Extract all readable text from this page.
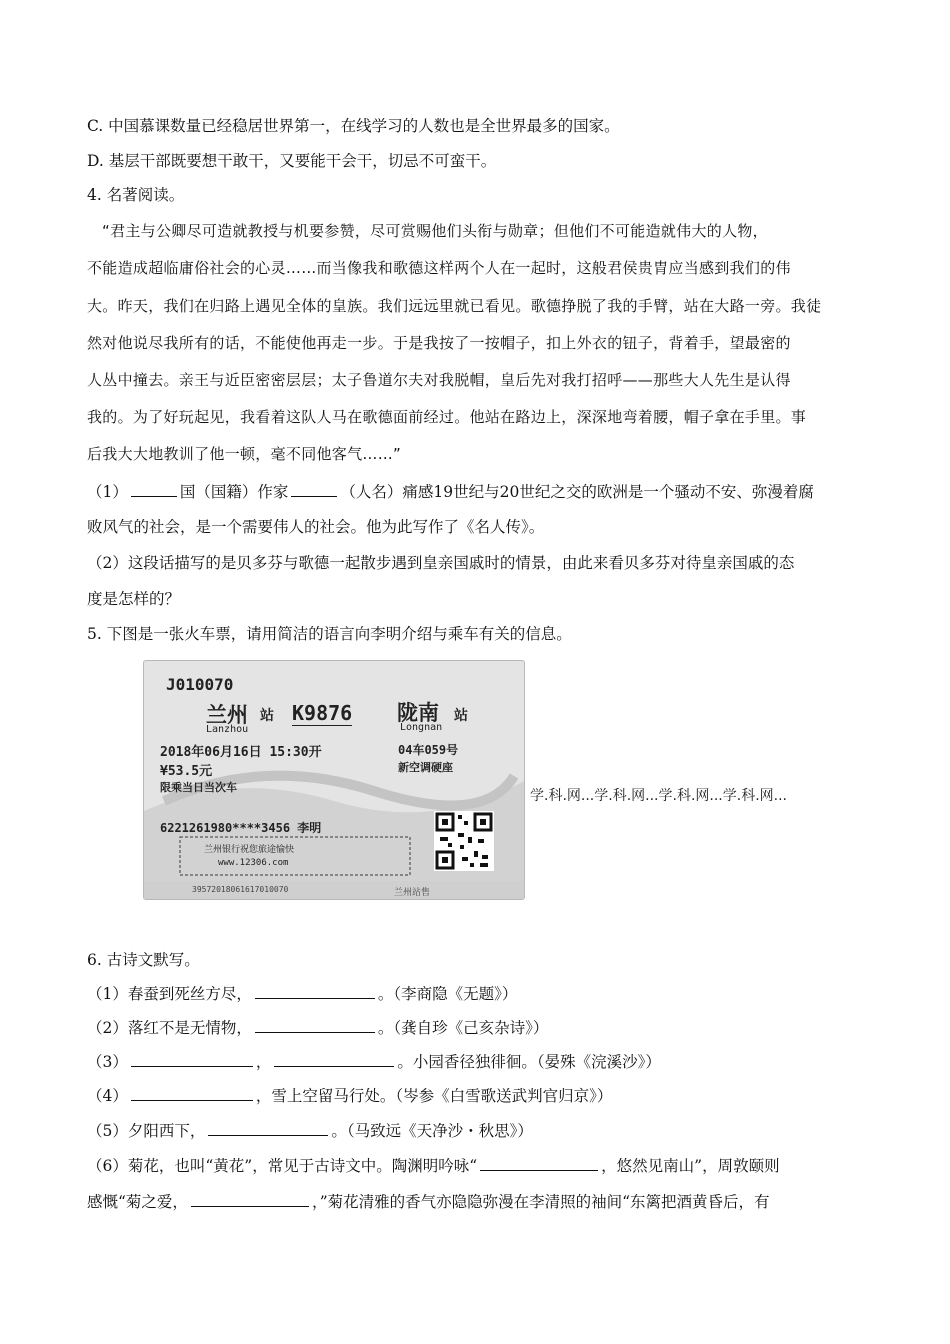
C. 中国慕课数量已经稳居世界第一，在线学习的人数也是全世界最多的国家。
D. 基层干部既要想干敢干，又要能干会干，切忌不可蛮干。
4. 名著阅读。
“君主与公卿尽可造就教授与机要参赞，尽可赏赐他们头衔与勋章；但他们不可能造就伟大的人物，
不能造成超临庸俗社会的心灵……而当像我和歌德这样两个人在一起时，这般君侯贵胄应当感到我们的伟
大。昨天，我们在归路上遇见全体的皇族。我们远远里就已看见。歌德挣脱了我的手臂，站在大路一旁。我徒
然对他说尽我所有的话，不能使他再走一步。于是我按了一按帽子，扣上外衣的钮子，背着手，望最密的
人丛中撞去。亲王与近臣密密层层；太子鲁道尔夫对我脱帽，皇后先对我打招呼——那些大人先生是认得
我的。为了好玩起见，我看着这队人马在歌德面前经过。他站在路边上，深深地弯着腰，帽子拿在手里。事
后我大大地教训了他一顿，毫不同他客气……”
（1）	国（国籍）作家	（人名）痛感19世纪与20世纪之交的欧洲是一个骚动不安、弥漫着腐
败风气的社会，是一个需要伟人的社会。他为此写作了《名人传》。
（2）这段话描写的是贝多芬与歌德一起散步遇到皇亲国戚时的情景，由此来看贝多芬对待皇亲国戚的态
度是怎样的？
5. 下图是一张火车票，请用简洁的语言向李明介绍与乘车有关的信息。
J010070
兰州 站
Lanzhou
K9876 陇南 站
Longnan
2018年06月16日 15:30开	04车059号
¥53.5元	新空调硬座
限乘当日当次车
6221261980****3456 李明
兰州银行祝您旅途愉快
www.12306.com
39572018061617010070	兰州站售
学.科.网...学.科.网...学.科.网...学.科.网...
6. 古诗文默写。
（1）春蚕到死丝方尽，	。（李商隐《无题》）
（2）落红不是无情物，	。（龚自珍《己亥杂诗》）
（3）	，	。小园香径独徘徊。（晏殊《浣溪沙》）
（4）	，雪上空留马行处。（岑参《白雪歌送武判官归京》）
（5）夕阳西下，	。（马致远《天净沙・秋思》）
（6）菊花，也叫“黄花”，常见于古诗文中。陶渊明吟咏“	，悠然见南山”，周敦颐则
感慨“菊之爱，	，”菊花清雅的香气亦隐隐弥漫在李清照的袖间“东篱把酒黄昏后，有
